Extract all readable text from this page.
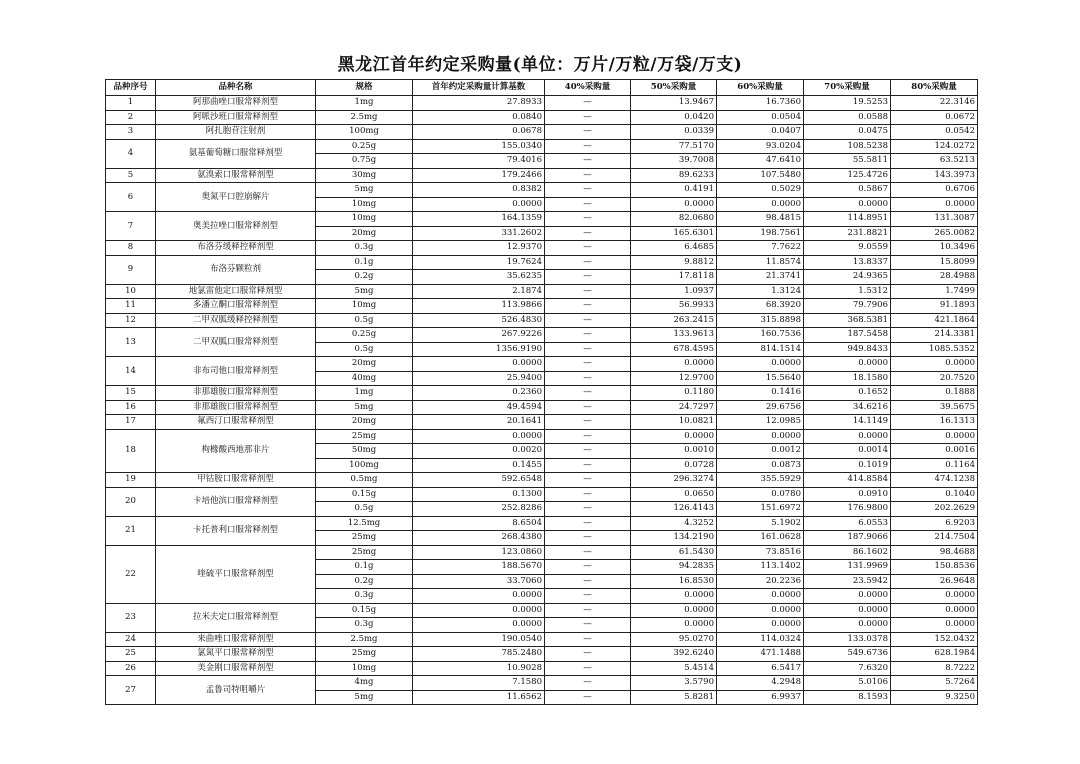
黑龙江首年约定采购量(单位：万片/万粒/万袋/万支)
品种序号	品种名称	规格	首年约定采购量计算基数	40%采购量	50%采购量	60%采购量	70%采购量	80%采购量
1	阿那曲唑口服常释剂型	1mg	27.8933	—	13.9467	16.7360	19.5253	22.3146
2	阿哌沙班口服常释剂型	2.5mg	0.0840	—	0.0420	0.0504	0.0588	0.0672
3	阿扎胞苷注射剂	100mg	0.0678	—	0.0339	0.0407	0.0475	0.0542
4	氨基葡萄糖口服常释剂型	0.25g	155.0340	—	77.5170	93.0204	108.5238	124.0272
		0.75g	79.4016	—	39.7008	47.6410	55.5811	63.5213
5	氨溴索口服常释剂型	30mg	179.2466	—	89.6233	107.5480	125.4726	143.3973
6	奥氮平口腔崩解片	5mg	0.8382	—	0.4191	0.5029	0.5867	0.6706
		10mg	0.0000	—	0.0000	0.0000	0.0000	0.0000
7	奥美拉唑口服常释剂型	10mg	164.1359	—	82.0680	98.4815	114.8951	131.3087
		20mg	331.2602	—	165.6301	198.7561	231.8821	265.0082
8	布洛芬缓释控释剂型	0.3g	12.9370	—	6.4685	7.7622	9.0559	10.3496
9	布洛芬颗粒剂	0.1g	19.7624	—	9.8812	11.8574	13.8337	15.8099
		0.2g	35.6235	—	17.8118	21.3741	24.9365	28.4988
10	地氯雷他定口服常释剂型	5mg	2.1874	—	1.0937	1.3124	1.5312	1.7499
11	多潘立酮口服常释剂型	10mg	113.9866	—	56.9933	68.3920	79.7906	91.1893
12	二甲双胍缓释控释剂型	0.5g	526.4830	—	263.2415	315.8898	368.5381	421.1864
13	二甲双胍口服常释剂型	0.25g	267.9226	—	133.9613	160.7536	187.5458	214.3381
		0.5g	1356.9190	—	678.4595	814.1514	949.8433	1085.5352
14	非布司他口服常释剂型	20mg	0.0000	—	0.0000	0.0000	0.0000	0.0000
		40mg	25.9400	—	12.9700	15.5640	18.1580	20.7520
15	非那雄胺口服常释剂型	1mg	0.2360	—	0.1180	0.1416	0.1652	0.1888
16	非那雄胺口服常释剂型	5mg	49.4594	—	24.7297	29.6756	34.6216	39.5675
17	氟西汀口服常释剂型	20mg	20.1641	—	10.0821	12.0985	14.1149	16.1313
18	枸橼酸西地那非片	25mg	0.0000	—	0.0000	0.0000	0.0000	0.0000
		50mg	0.0020	—	0.0010	0.0012	0.0014	0.0016
		100mg	0.1455	—	0.0728	0.0873	0.1019	0.1164
19	甲钴胺口服常释剂型	0.5mg	592.6548	—	296.3274	355.5929	414.8584	474.1238
20	卡培他滨口服常释剂型	0.15g	0.1300	—	0.0650	0.0780	0.0910	0.1040
		0.5g	252.8286	—	126.4143	151.6972	176.9800	202.2629
21	卡托普利口服常释剂型	12.5mg	8.6504	—	4.3252	5.1902	6.0553	6.9203
		25mg	268.4380	—	134.2190	161.0628	187.9066	214.7504
22	喹硫平口服常释剂型	25mg	123.0860	—	61.5430	73.8516	86.1602	98.4688
		0.1g	188.5670	—	94.2835	113.1402	131.9969	150.8536
		0.2g	33.7060	—	16.8530	20.2236	23.5942	26.9648
		0.3g	0.0000	—	0.0000	0.0000	0.0000	0.0000
23	拉米夫定口服常释剂型	0.15g	0.0000	—	0.0000	0.0000	0.0000	0.0000
		0.3g	0.0000	—	0.0000	0.0000	0.0000	0.0000
24	来曲唑口服常释剂型	2.5mg	190.0540	—	95.0270	114.0324	133.0378	152.0432
25	氯氮平口服常释剂型	25mg	785.2480	—	392.6240	471.1488	549.6736	628.1984
26	美金刚口服常释剂型	10mg	10.9028	—	5.4514	6.5417	7.6320	8.7222
27	孟鲁司特咀嚼片	4mg	7.1580	—	3.5790	4.2948	5.0106	5.7264
		5mg	11.6562	—	5.8281	6.9937	8.1593	9.3250
